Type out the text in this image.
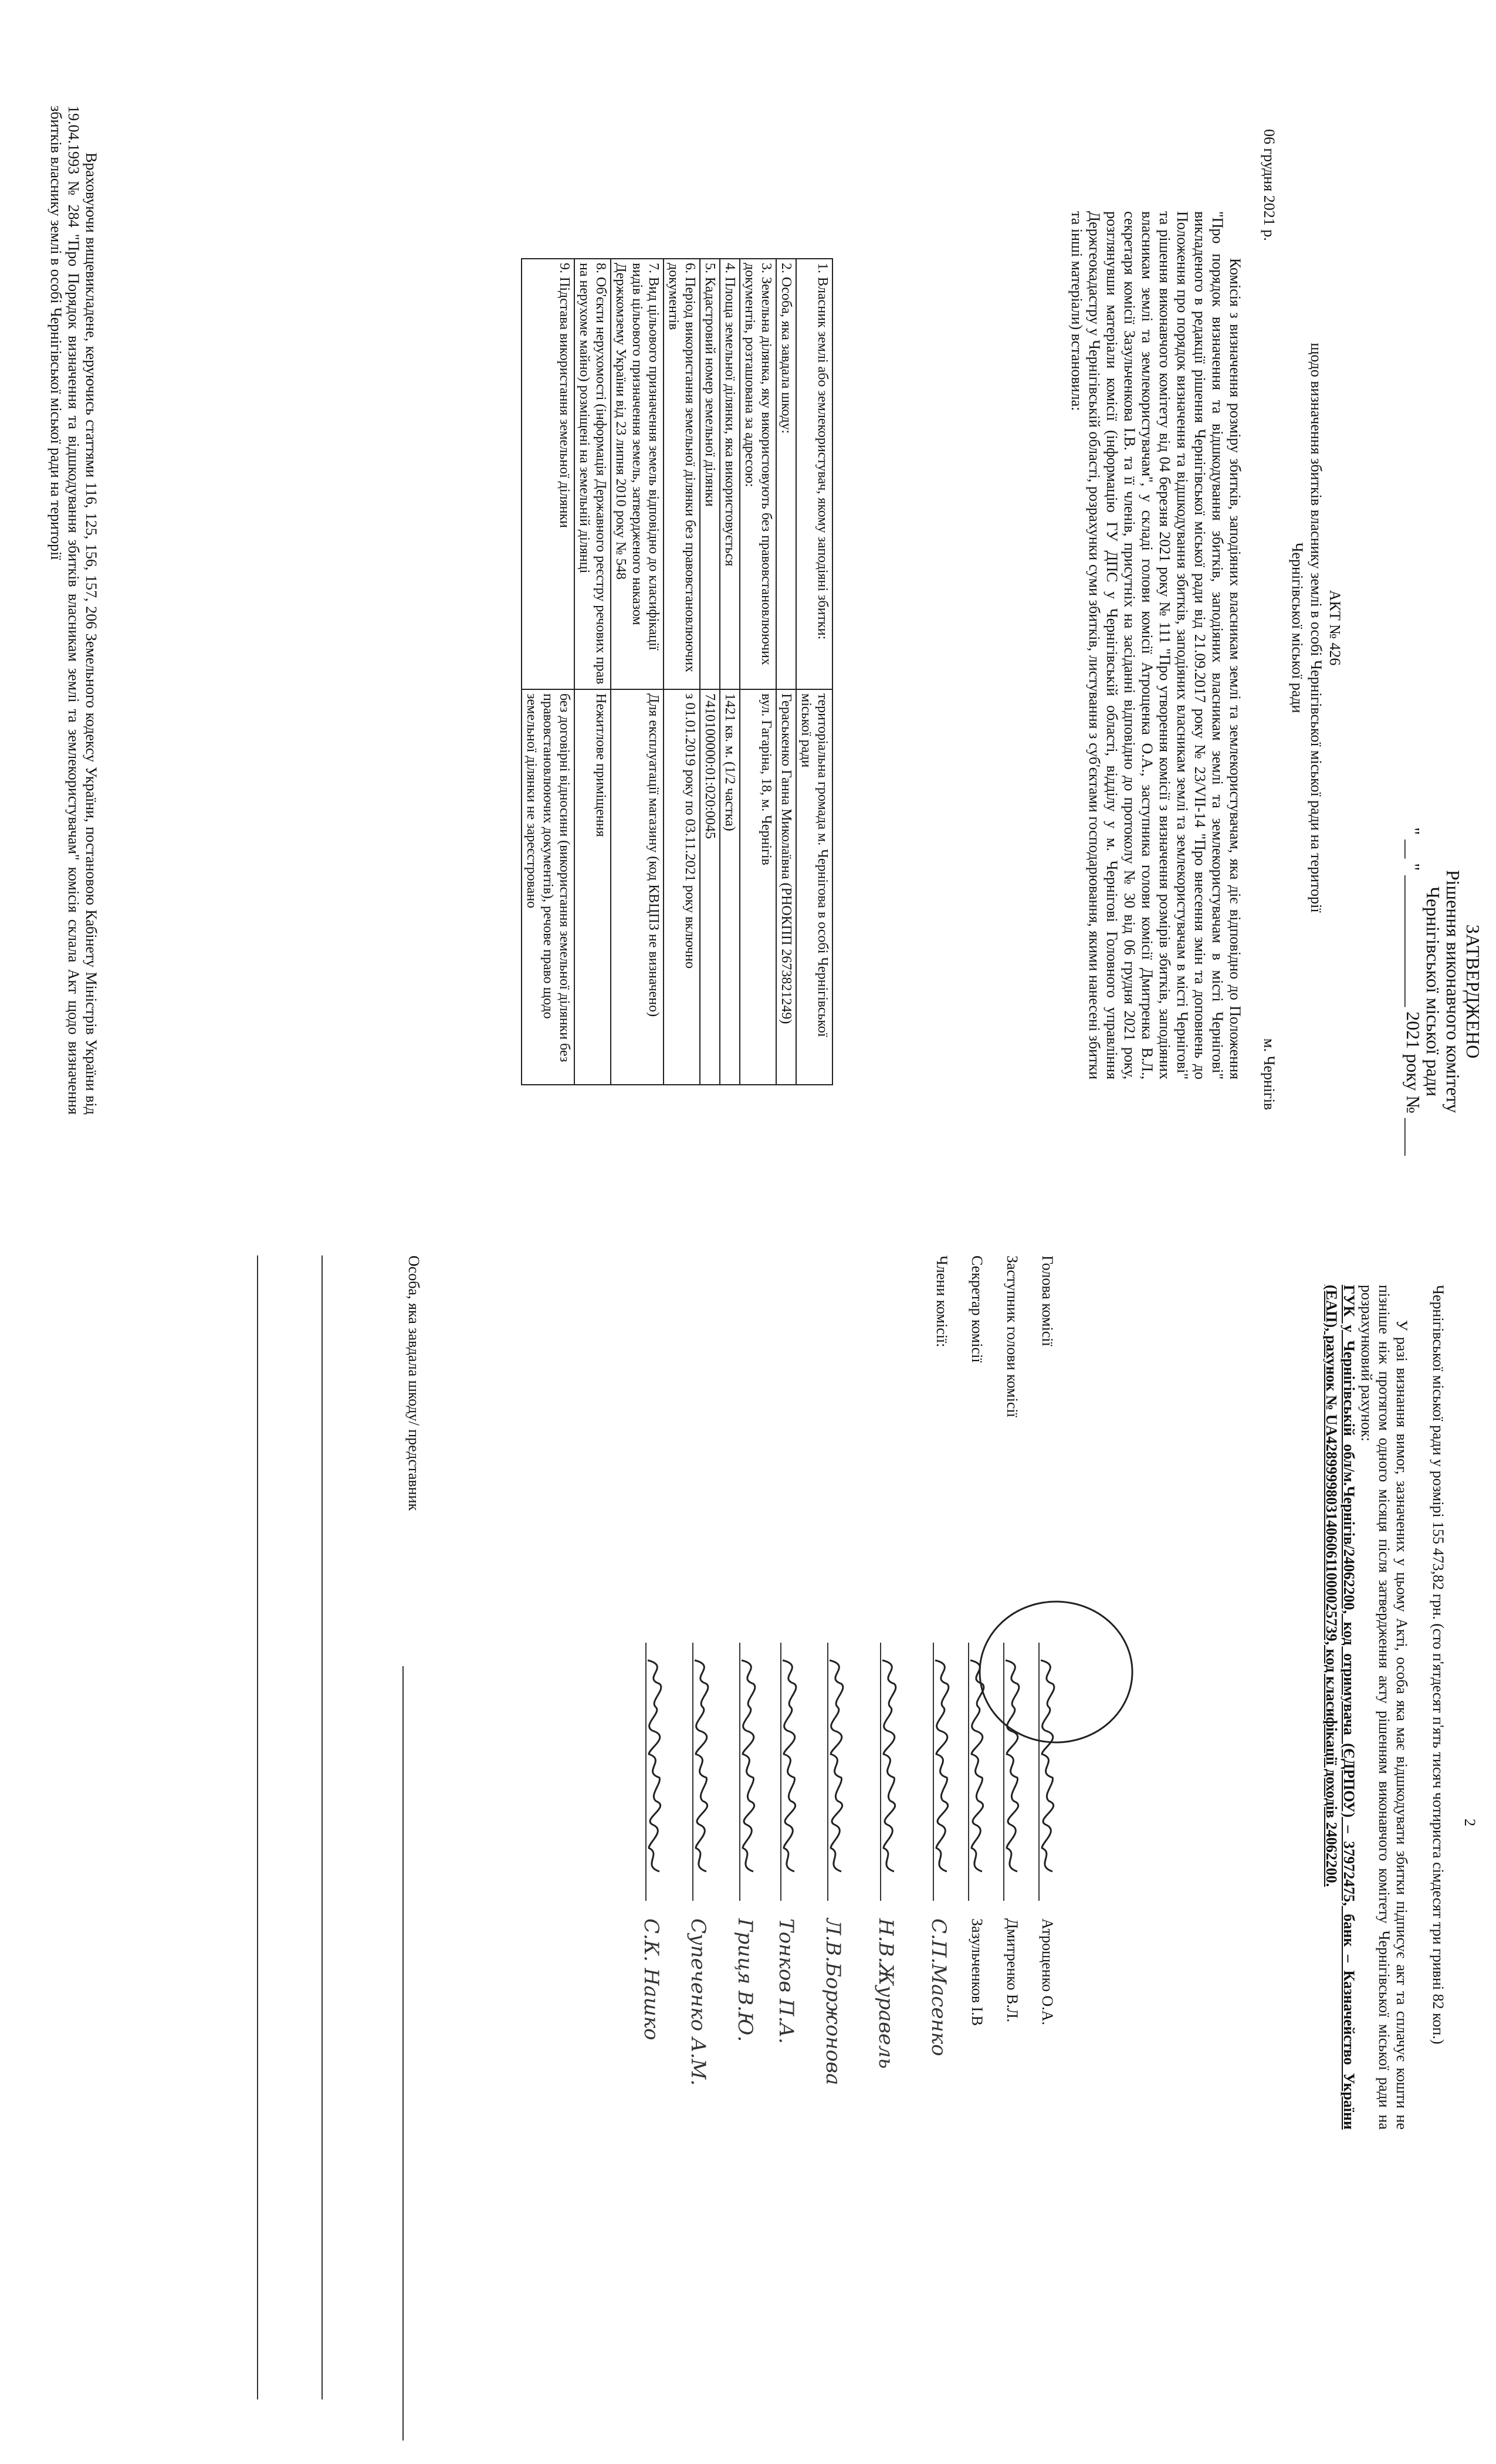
ЗАТВЕРДЖЕНО
Рішення виконавчого комітету
Чернігівської міської ради
" __ " ______________ 2021 року № ____
АКТ № 426
щодо визначення збитків власнику землі в особі Чернігівської міської ради на території
Чернігівської міської ради
06 грудня 2021 р.
м. Чернігів

Комісія з визначення розміру збитків, заподіяних власникам землі та землекористувачам, яка діє відповідно до Положення "Про порядок визначення та відшкодування збитків, заподіяних власникам землі та землекористувачам в місті Чернігові" викладеного в редакції рішення Чернігівської міської ради від 21.09.2017 року № 23/VII-14 "Про внесення змін та доповнень до Положення про порядок визначення та відшкодування збитків, заподіяних власникам землі та землекористувачам в місті Чернігові" та рішення виконавчого комітету від 04 березня 2021 року № 111 "Про утворення комісії з визначення розмірів збитків, заподіяних власникам землі та землекористувачам", у складі голови комісії Атрощенка О.А., заступника голови комісії Дмитренка В.Л., секретаря комісії Зазульченкова І.В. та її членів, присутніх на засіданні відповідно до протоколу № 30 від 06 грудня 2021 року, розглянувши матеріали комісії (інформацію ГУ ДПС у Чернігівській області, відділу у м. Чернігові Головного управління Держгеокадастру у Чернігівській області, розрахунки суми збитків, листування з суб'єктами господарювання, якими нанесені збитки та інші матеріали) встановила:

1. Власник землі або землекористувач, якому заподіяні збитки:	територіальна громада м. Чернігова в особі Чернігівської міської ради
2. Особа, яка завдала шкоду:	Гераськенко Ганна Миколаївна (РНОКПП 2673821249)
3. Земельна ділянка, яку використовують без правовстановлюючих документів, розташована за адресою:	вул. Гагаріна, 18, м. Чернігів
4. Площа земельної ділянки, яка використовується	1421 кв. м. (1/2 частка)
5. Кадастровий номер земельної ділянки	7410100000:01:020:0045
6. Період використання земельної ділянки без правовстановлюючих документів	з 01.01.2019 року по 03.11.2021 року включно
7. Вид цільового призначення земель відповідно до класифікації видів цільового призначення земель, затвердженого наказом Держкомзему України від 23 липня 2010 року № 548	Для експлуатації магазину (код КВЦПЗ не визначено)
8. Об'єкти нерухомості (інформація Державного реєстру речових прав на нерухоме майно) розміщені на земельній ділянці	Нежитлове приміщення
9. Підстава використання земельної ділянки	без договірні відносини (використання земельної ділянки без правовстановлюючих документів), речове право щодо земельної ділянки не зареєстровано

Враховуючи вищевикладене, керуючись статтями 116, 125, 156, 157, 206 Земельного кодексу України, постановою Кабінету Міністрів України від 19.04.1993 № 284 "Про Порядок визначення та відшкодування збитків власникам землі та землекористувачам" комісія склала Акт щодо визначення збитків власнику землі в особі Чернігівської міської ради на території

2

Чернігівської міської ради у розмірі 155 473,82 грн. (сто п'ятдесят п'ять тисяч чотириста сімдесят три гривні 82 коп.)

У разі визнання вимог, зазначених у цьому Акті, особа яка має відшкодувати збитки підписує акт та сплачує кошти не пізніше ніж протягом одного місяця після затвердження акту рішенням виконавчого комітету Чернігівської міської ради на розрахунковий рахунок:

ГУК у Чернігівській обл/м.Чернігів/24062200, код отримувача (ЄДРПОУ) – 37972475, банк – Казначейство України (ЕАП), рахунок № UA428999980314060611000025739, код класифікації доходів 24062200.

Голова комісії
Атрощенко О.А.
Заступник голови комісії
Дмитренко В.Л.
Секретар комісії
Зазульченков І.В
Члени комісії:
С.П.Масенко
Н.В.Журавель
Л.В.Боржонова
Тонков П.А.
Гриця В.Ю.
Супеченко А.М.
С.К. Нашко
Особа, яка завдала шкоду/ представник
